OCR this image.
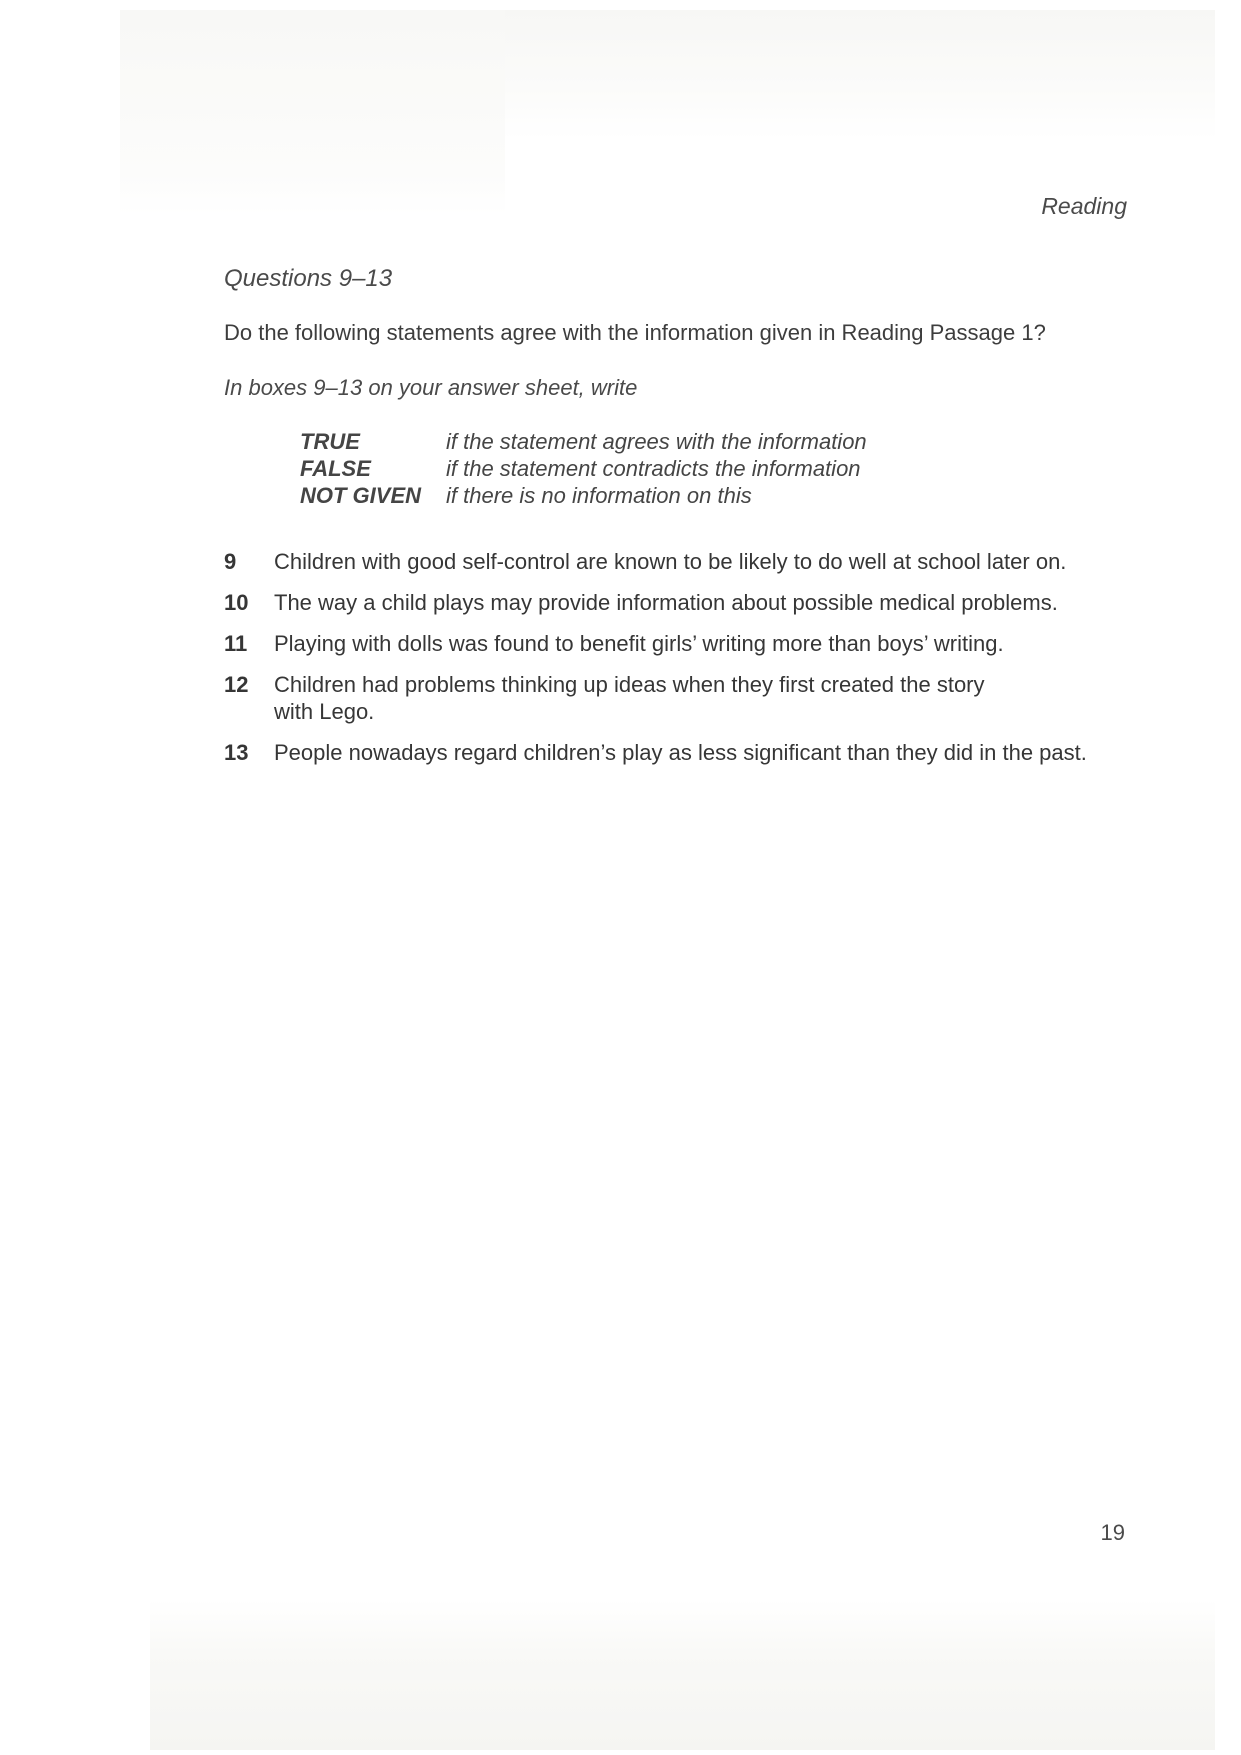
Reading
Questions 9–13
Do the following statements agree with the information given in Reading Passage 1?
In boxes 9–13 on your answer sheet, write
TRUE	if the statement agrees with the information
FALSE	if the statement contradicts the information
NOT GIVEN	if there is no information on this
9	Children with good self-control are known to be likely to do well at school later on.
10	The way a child plays may provide information about possible medical problems.
11	Playing with dolls was found to benefit girls’ writing more than boys’ writing.
12	Children had problems thinking up ideas when they first created the story
with Lego.
13	People nowadays regard children’s play as less significant than they did in the past.
19
